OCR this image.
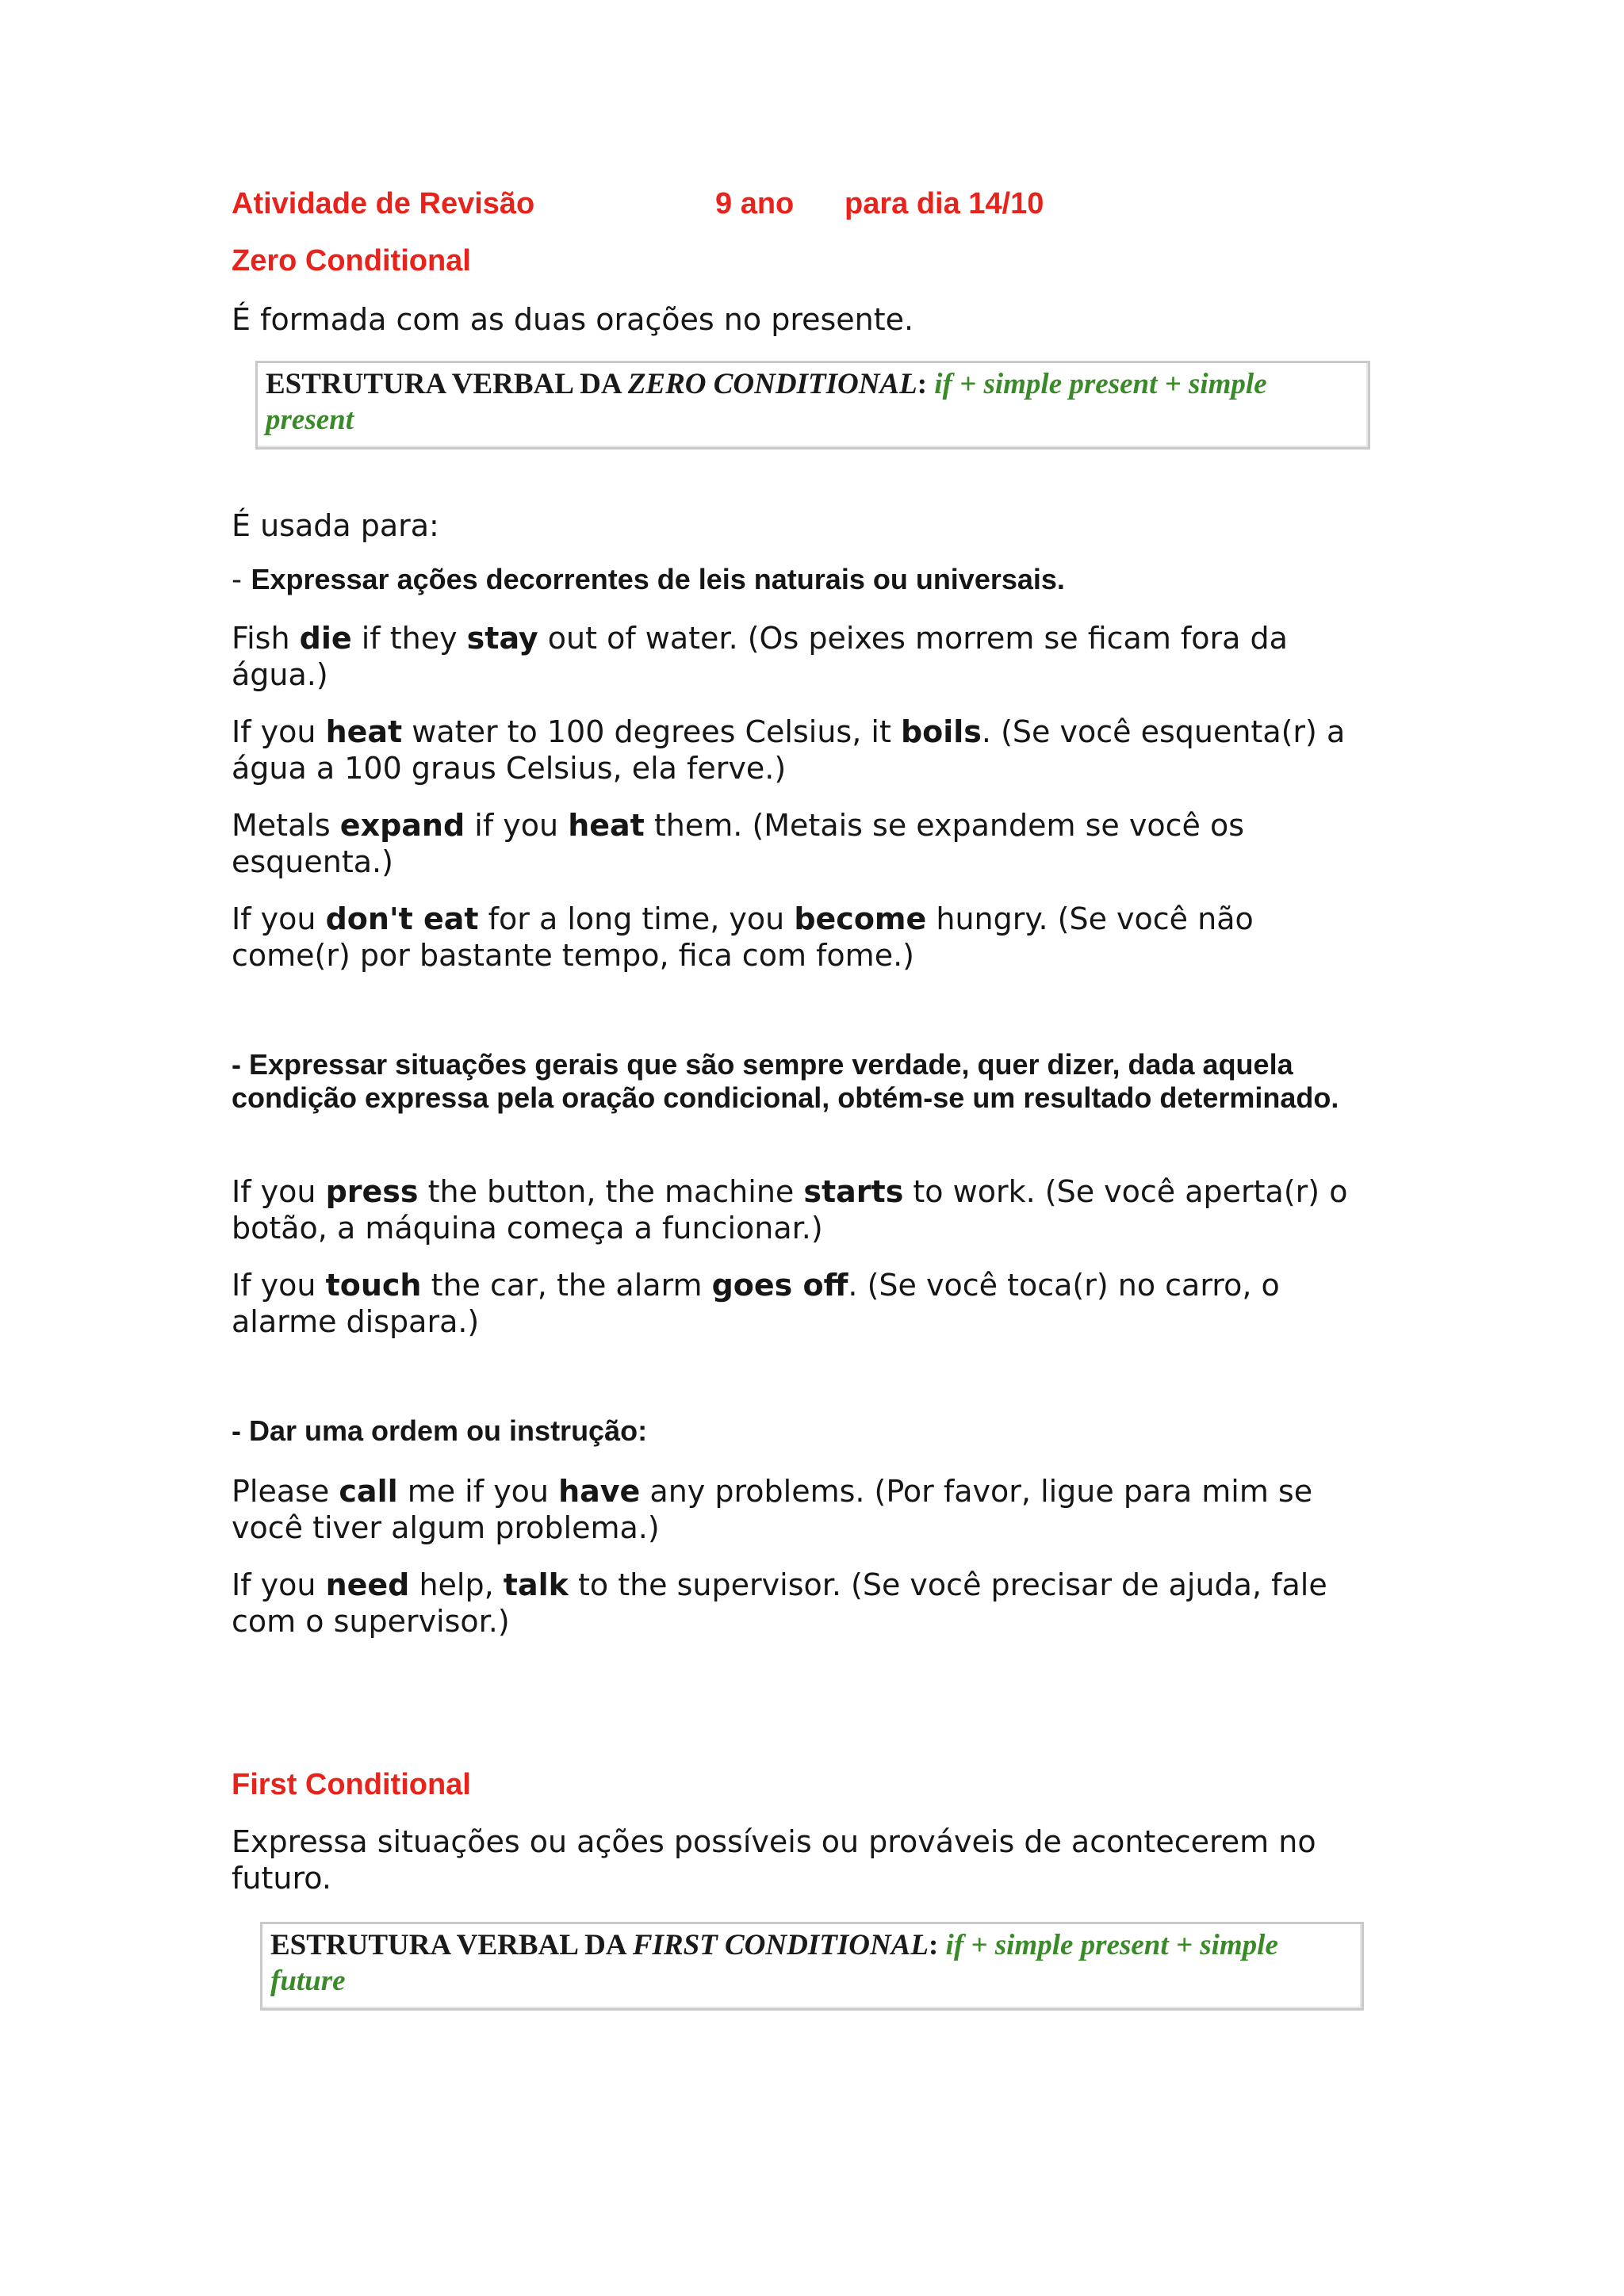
Atividade de Revisão	9 ano para dia 14/10
Zero Conditional
É formada com as duas orações no presente.
ESTRUTURA VERBAL DA ZERO CONDITIONAL: if + simple present + simple present
É usada para:
- Expressar ações decorrentes de leis naturais ou universais.
Fish die if they stay out of water. (Os peixes morrem se ficam fora da água.)
If you heat water to 100 degrees Celsius, it boils. (Se você esquenta(r) a água a 100 graus Celsius, ela ferve.)
Metals expand if you heat them. (Metais se expandem se você os esquenta.)
If you don't eat for a long time, you become hungry. (Se você não come(r) por bastante tempo, fica com fome.)
- Expressar situações gerais que são sempre verdade, quer dizer, dada aquela condição expressa pela oração condicional, obtém-se um resultado determinado.
If you press the button, the machine starts to work. (Se você aperta(r) o botão, a máquina começa a funcionar.)
If you touch the car, the alarm goes off. (Se você toca(r) no carro, o alarme dispara.)
- Dar uma ordem ou instrução:
Please call me if you have any problems. (Por favor, ligue para mim se você tiver algum problema.)
If you need help, talk to the supervisor. (Se você precisar de ajuda, fale com o supervisor.)
First Conditional
Expressa situações ou ações possíveis ou prováveis de acontecerem no futuro.
ESTRUTURA VERBAL DA FIRST CONDITIONAL: if + simple present + simple future
